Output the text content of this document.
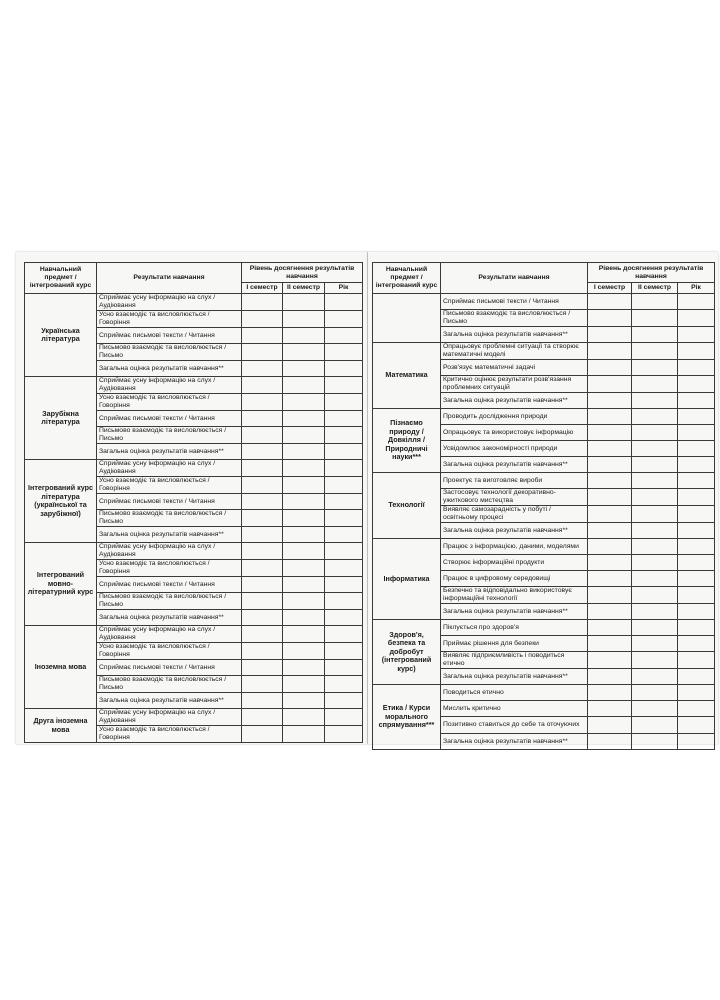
Навчальний предмет / інтегрований курс	Результати навчання	Рівень досягнення результатів навчання		
		I семестр	II семестр	Рік
Українська література	Сприймає усну інформацію на слух / Аудіювання			
	Усно взаємодіє та висловлюється / Говоріння			
	Сприймає письмові тексти / Читання			
	Письмово взаємодіє та висловлюється / Письмо			
	Загальна оцінка результатів навчання**			
Зарубіжна література	Сприймає усну інформацію на слух / Аудіювання			
	Усно взаємодіє та висловлюється / Говоріння			
	Сприймає письмові тексти / Читання			
	Письмово взаємодіє та висловлюється / Письмо			
	Загальна оцінка результатів навчання**			
Інтегрований курс література (української та зарубіжної)	Сприймає усну інформацію на слух / Аудіювання			
	Усно взаємодіє та висловлюється / Говоріння			
	Сприймає письмові тексти / Читання			
	Письмово взаємодіє та висловлюється / Письмо			
	Загальна оцінка результатів навчання**			
Інтегрований мовно-літературний курс	Сприймає усну інформацію на слух / Аудіювання			
	Усно взаємодіє та висловлюється / Говоріння			
	Сприймає письмові тексти / Читання			
	Письмово взаємодіє та висловлюється / Письмо			
	Загальна оцінка результатів навчання**			
Іноземна мова	Сприймає усну інформацію на слух / Аудіювання			
	Усно взаємодіє та висловлюється / Говоріння			
	Сприймає письмові тексти / Читання			
	Письмово взаємодіє та висловлюється / Письмо			
	Загальна оцінка результатів навчання**			
Друга іноземна мова	Сприймає усну інформацію на слух / Аудіювання			
	Усно взаємодіє та висловлюється / Говоріння			
Навчальний предмет / інтегрований курс	Результати навчання	Рівень досягнення результатів навчання		
		I семестр	II семестр	Рік
	Сприймає письмові тексти / Читання			
	Письмово взаємодіє та висловлюється / Письмо			
	Загальна оцінка результатів навчання**			
Математика	Опрацьовує проблемні ситуації та створює математичні моделі			
	Розв'язує математичні задачі			
	Критично оцінює результати розв'язання проблемних ситуацій			
	Загальна оцінка результатів навчання**			
Пізнаємо природу / Довкілля / Природничі науки***	Проводить дослідження природи			
	Опрацьовує та використовує інформацію			
	Усвідомлює закономірності природи			
	Загальна оцінка результатів навчання**			
Технології	Проектує та виготовляє вироби			
	Застосовує технології декоративно-ужиткового мистецтва			
	Виявляє самозарадність у побуті / освітньому процесі			
	Загальна оцінка результатів навчання**			
Інформатика	Працює з інформацією, даними, моделями			
	Створює інформаційні продукти			
	Працює в цифровому середовищі			
	Безпечно та відповідально використовує інформаційні технології			
	Загальна оцінка результатів навчання**			
Здоров'я, безпека та добробут (інтегрований курс)	Піклується про здоров'я			
	Приймає рішення для безпеки			
	Виявляє підприємливість і поводиться етично			
	Загальна оцінка результатів навчання**			
Етика / Курси морального спрямування***	Поводиться етично			
	Мислить критично			
	Позитивно ставиться до себе та оточуючих			
	Загальна оцінка результатів навчання**			
